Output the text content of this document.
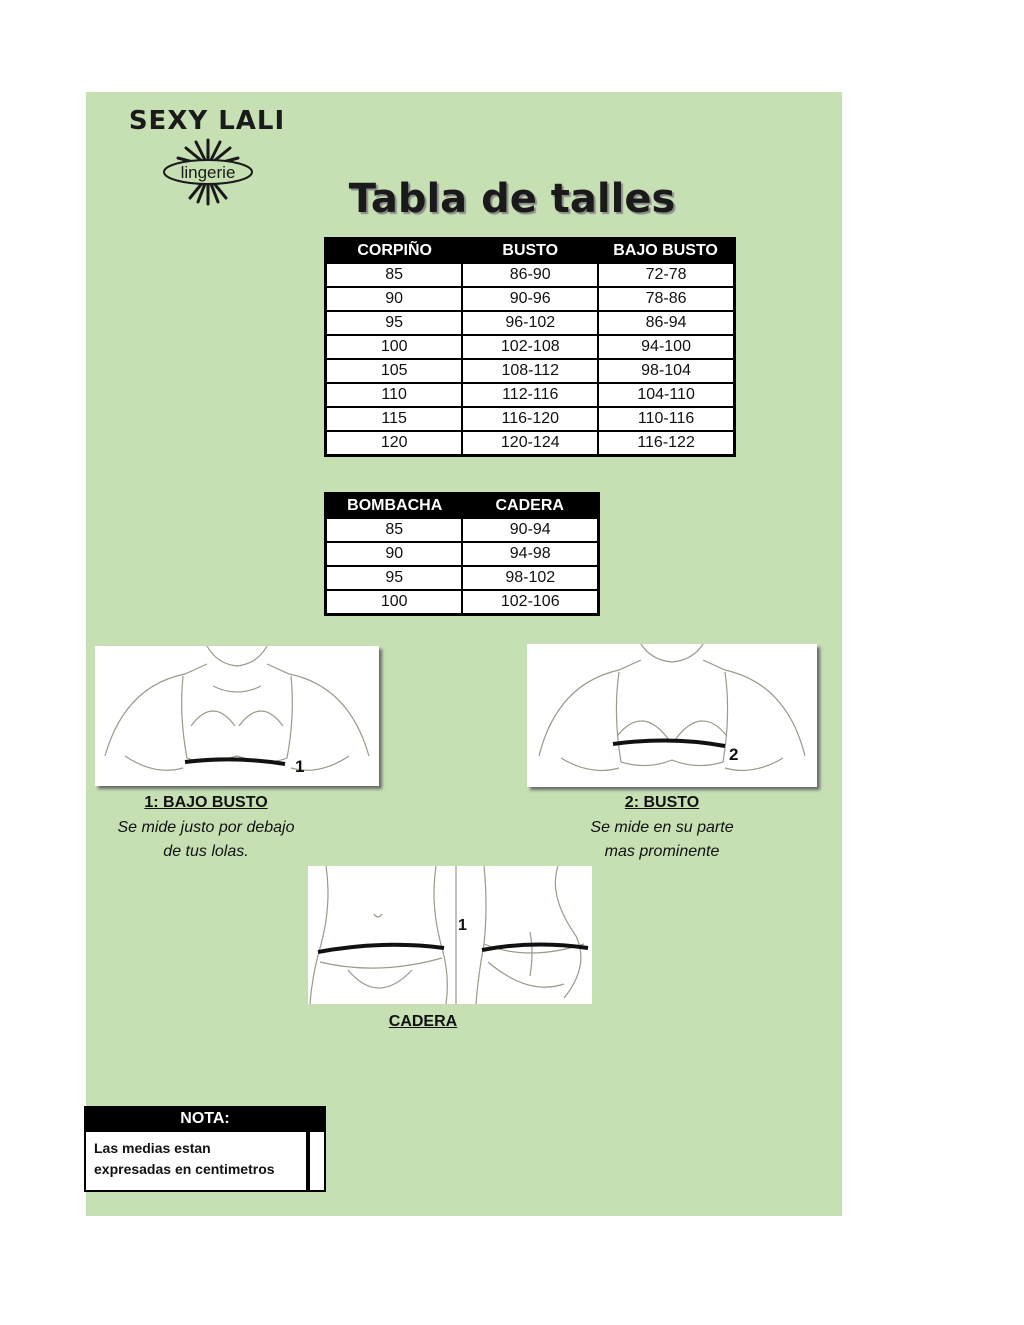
SEXY LALI
lingerie
Tabla de talles
CORPIÑO	BUSTO	BAJO BUSTO
85	86-90	72-78
90	90-96	78-86
95	96-102	86-94
100	102-108	94-100
105	108-112	98-104
110	112-116	104-110
115	116-120	110-116
120	120-124	116-122
BOMBACHA	CADERA
85	90-94
90	94-98
95	98-102
100	102-106
1
2
1: BAJO BUSTO
Se mide justo por debajo
de tus lolas.
2: BUSTO
Se mide en su parte
mas prominente
1
CADERA
NOTA:
Las medias estan
expresadas en centimetros
